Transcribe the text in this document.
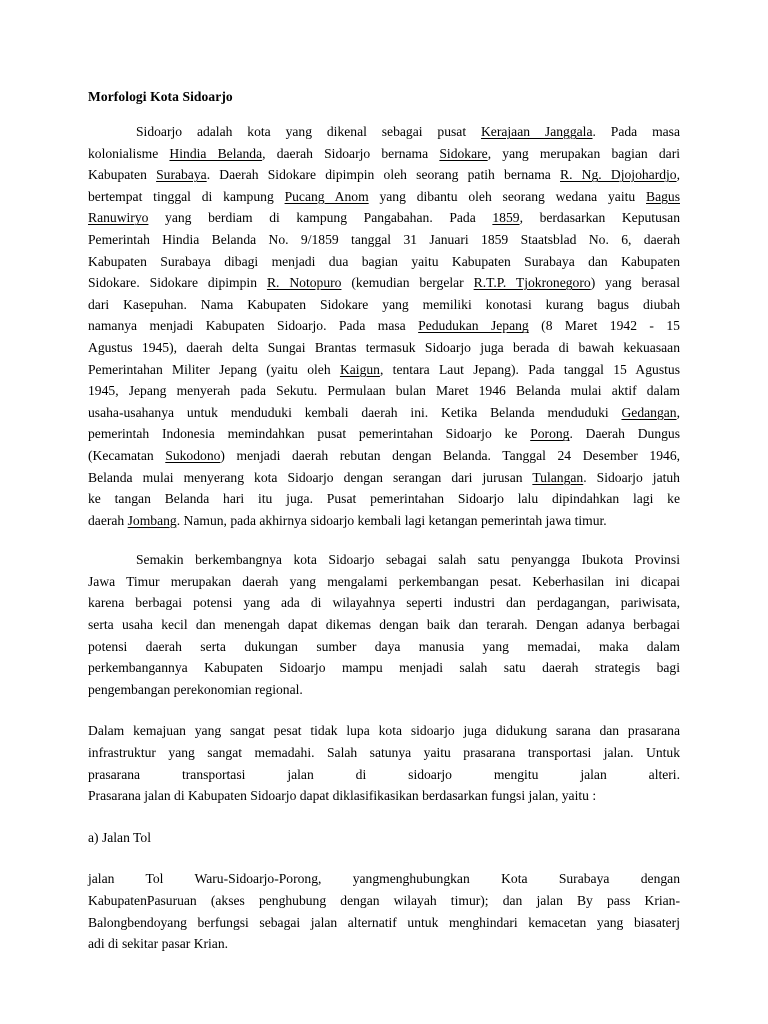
Morfologi Kota Sidoarjo
Sidoarjo adalah kota yang dikenal sebagai pusat Kerajaan Janggala. Pada masa
kolonialisme Hindia Belanda, daerah Sidoarjo bernama Sidokare, yang merupakan bagian dari
Kabupaten Surabaya. Daerah Sidokare dipimpin oleh seorang patih bernama R. Ng. Djojohardjo,
bertempat tinggal di kampung Pucang Anom yang dibantu oleh seorang wedana yaitu Bagus
Ranuwiryo yang berdiam di kampung Pangabahan. Pada 1859, berdasarkan Keputusan
Pemerintah Hindia Belanda No. 9/1859 tanggal 31 Januari 1859 Staatsblad No. 6, daerah
Kabupaten Surabaya dibagi menjadi dua bagian yaitu Kabupaten Surabaya dan Kabupaten
Sidokare. Sidokare dipimpin R. Notopuro (kemudian bergelar R.T.P. Tjokronegoro) yang berasal
dari Kasepuhan. Nama Kabupaten Sidokare yang memiliki konotasi kurang bagus diubah
namanya menjadi Kabupaten Sidoarjo. Pada masa Pedudukan Jepang (8 Maret 1942 - 15
Agustus 1945), daerah delta Sungai Brantas termasuk Sidoarjo juga berada di bawah kekuasaan
Pemerintahan Militer Jepang (yaitu oleh Kaigun, tentara Laut Jepang). Pada tanggal 15 Agustus
1945, Jepang menyerah pada Sekutu. Permulaan bulan Maret 1946 Belanda mulai aktif dalam
usaha-usahanya untuk menduduki kembali daerah ini. Ketika Belanda menduduki Gedangan,
pemerintah Indonesia memindahkan pusat pemerintahan Sidoarjo ke Porong. Daerah Dungus
(Kecamatan Sukodono) menjadi daerah rebutan dengan Belanda. Tanggal 24 Desember 1946,
Belanda mulai menyerang kota Sidoarjo dengan serangan dari jurusan Tulangan. Sidoarjo jatuh
ke tangan Belanda hari itu juga. Pusat pemerintahan Sidoarjo lalu dipindahkan lagi ke
daerah Jombang. Namun, pada akhirnya sidoarjo kembali lagi ketangan pemerintah jawa timur.
Semakin berkembangnya kota Sidoarjo sebagai salah satu penyangga Ibukota Provinsi
Jawa Timur merupakan daerah yang mengalami perkembangan pesat. Keberhasilan ini dicapai
karena berbagai potensi yang ada di wilayahnya seperti industri dan perdagangan, pariwisata,
serta usaha kecil dan menengah dapat dikemas dengan baik dan terarah. Dengan adanya berbagai
potensi daerah serta dukungan sumber daya manusia yang memadai, maka dalam
perkembangannya Kabupaten Sidoarjo mampu menjadi salah satu daerah strategis bagi
pengembangan perekonomian regional.
Dalam kemajuan yang sangat pesat tidak lupa kota sidoarjo juga didukung sarana dan prasarana
infrastruktur yang sangat memadahi. Salah satunya yaitu prasarana transportasi jalan. Untuk
prasarana transportasi jalan di sidoarjo mengitu jalan alteri.
Prasarana jalan di Kabupaten Sidoarjo dapat diklasifikasikan berdasarkan fungsi jalan, yaitu :
a) Jalan Tol
jalan Tol Waru-Sidoarjo-Porong, yangmenghubungkan Kota Surabaya dengan
KabupatenPasuruan (akses penghubung dengan wilayah timur); dan jalan By pass Krian-
Balongbendoyang berfungsi sebagai jalan alternatif untuk menghindari kemacetan yang biasaterj
adi di sekitar pasar Krian.
